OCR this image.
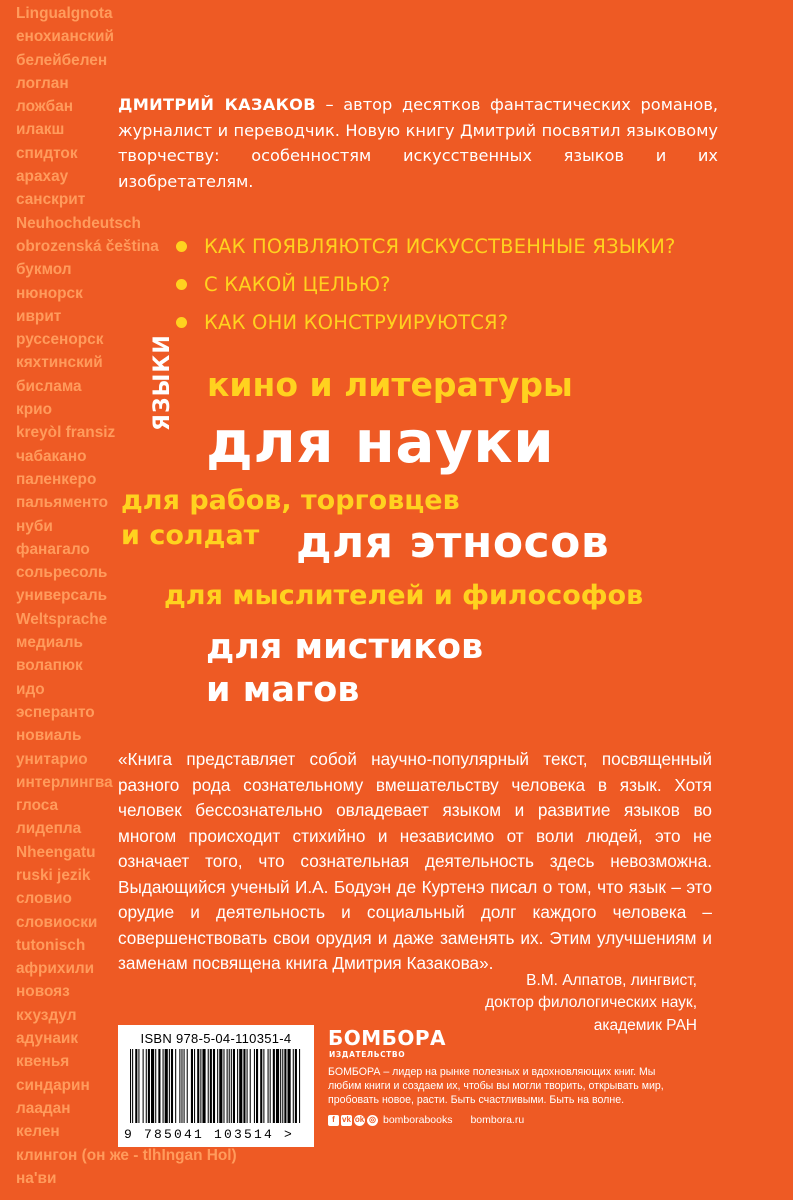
Lingualgnota
енохианский
белейбелен
логлан
ложбан
илакш
спидток
арахау
санскрит
Neuhochdeutsch
obrozenská čeština
букмол
нюнорск
иврит
руссенорск
кяхтинский
бислама
крио
kreyòl fransiz
чабакано
паленкеро
пальяменто
нуби
фанагало
сольресоль
универсаль
Weltsprache
медиаль
волапюк
идо
эсперанто
новиаль
унитарио
интерлингва
глоса
лидепла
Nheengatu
ruski jezik
словио
словиоски
tutonisch
африхили
новояз
кхуздул
адунаик
квенья
синдарин
лаадан
келен
клингон (он же - tlhIngan Hol)
на'ви
ДМИТРИЙ КАЗАКОВ – автор десятков фантастических романов, журналист и переводчик. Новую книгу Дмитрий посвятил языковому творчеству: особенностям искусственных языков и их изобретателям.
КАК ПОЯВЛЯЮТСЯ ИСКУССТВЕННЫЕ ЯЗЫКИ?
С КАКОЙ ЦЕЛЬЮ?
КАК ОНИ КОНСТРУИРУЮТСЯ?
ЯЗЫКИ кино и литературы
для науки
для рабов, торговцев
и солдат для этносов
для мыслителей и философов
для мистиков
и магов
«Книга представляет собой научно-популярный текст, посвященный разного рода сознательному вмешательству человека в язык. Хотя человек бессознательно овладевает языком и развитие языков во многом происходит стихийно и независимо от воли людей, это не означает того, что сознательная деятельность здесь невозможна. Выдающийся ученый И.А. Бодуэн де Куртенэ писал о том, что язык – это орудие и деятельность и социальный долг каждого человека – совершенствовать свои орудия и даже заменять их. Этим улучшениям и заменам посвящена книга Дмитрия Казакова».
В.М. Алпатов, лингвист,
доктор филологических наук,
академик РАН
ISBN 978-5-04-110351-4
9 785041 103514 >
БОМБОРА
ИЗДАТЕЛЬСТВО
БОМБОРА – лидер на рынке полезных и вдохновляющих книг. Мы любим книги и создаем их, чтобы вы могли творить, открывать мир, пробовать новое, расти. Быть счастливыми. Быть на волне.
f vk ok ◎ bomborabooks bombora.ru
